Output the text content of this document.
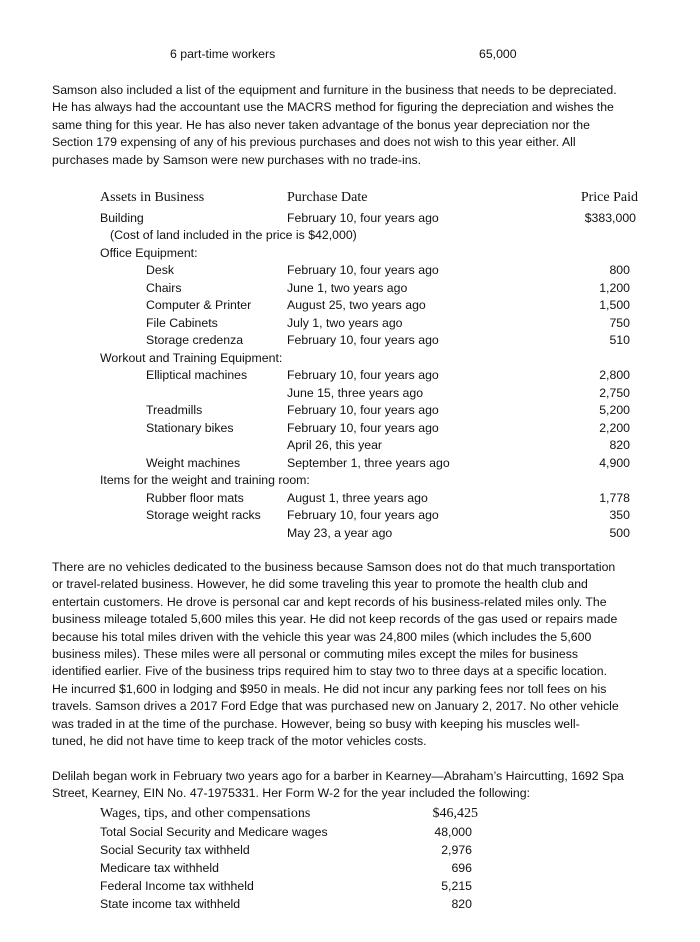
6 part-time workers	65,000
Samson also included a list of the equipment and furniture in the business that needs to be depreciated.
He has always had the accountant use the MACRS method for figuring the depreciation and wishes the
same thing for this year. He has also never taken advantage of the bonus year depreciation nor the
Section 179 expensing of any of his previous purchases and does not wish to this year either. All
purchases made by Samson were new purchases with no trade-ins.
Assets in Business	Purchase Date	Price Paid
Building	February 10, four years ago	$383,000
(Cost of land included in the price is $42,000)
Office Equipment:
Desk	February 10, four years ago	800
Chairs	June 1, two years ago	1,200
Computer & Printer	August 25, two years ago	1,500
File Cabinets	July 1, two years ago	750
Storage credenza	February 10, four years ago	510
Workout and Training Equipment:
Elliptical machines	February 10, four years ago	2,800
June 15, three years ago	2,750
Treadmills	February 10, four years ago	5,200
Stationary bikes	February 10, four years ago	2,200
April 26, this year	820
Weight machines	September 1, three years ago	4,900
Items for the weight and training room:
Rubber floor mats	August 1, three years ago	1,778
Storage weight racks February 10, four years ago	350
May 23, a year ago	500
There are no vehicles dedicated to the business because Samson does not do that much transportation
or travel-related business. However, he did some traveling this year to promote the health club and
entertain customers. He drove is personal car and kept records of his business-related miles only. The
business mileage totaled 5,600 miles this year. He did not keep records of the gas used or repairs made
because his total miles driven with the vehicle this year was 24,800 miles (which includes the 5,600
business miles). These miles were all personal or commuting miles except the miles for business
identified earlier. Five of the business trips required him to stay two to three days at a specific location.
He incurred $1,600 in lodging and $950 in meals. He did not incur any parking fees nor toll fees on his
travels. Samson drives a 2017 Ford Edge that was purchased new on January 2, 2017. No other vehicle
was traded in at the time of the purchase. However, being so busy with keeping his muscles well-
tuned, he did not have time to keep track of the motor vehicles costs.
Delilah began work in February two years ago for a barber in Kearney—Abraham’s Haircutting, 1692 Spa
Street, Kearney, EIN No. 47-1975331. Her Form W-2 for the year included the following:
Wages, tips, and other compensations	$46,425
Total Social Security and Medicare wages	48,000
Social Security tax withheld	2,976
Medicare tax withheld	696
Federal Income tax withheld	5,215
State income tax withheld	820
